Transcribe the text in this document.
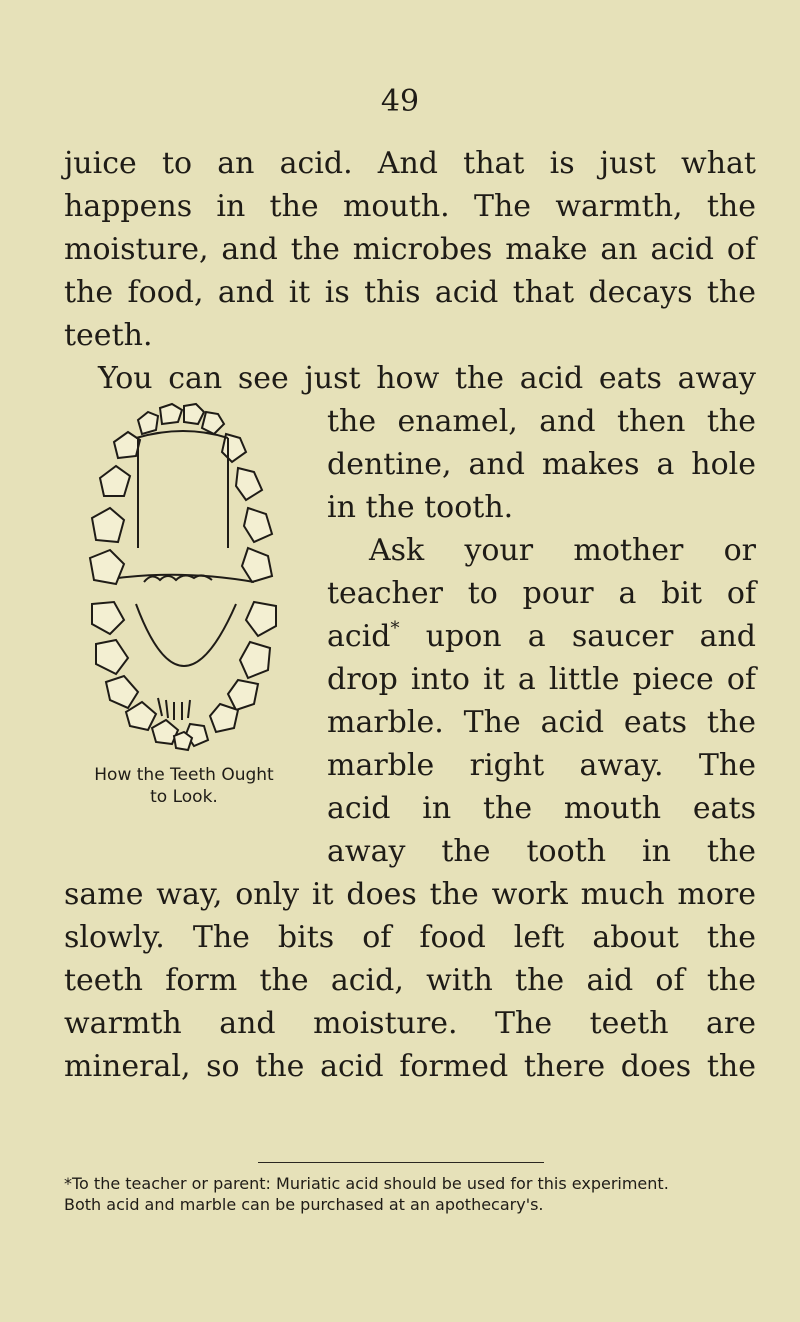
49
juice to an acid. And that is just what
happens in the mouth. The warmth, the
moisture, and the microbes make an acid of
the food, and it is this acid that decays the
teeth.
You can see just how the acid eats away
the enamel, and then the
dentine, and makes a hole
in the tooth.
Ask your mother or
teacher to pour a bit of
acid* upon a saucer and
drop into it a little piece of
marble. The acid eats the
marble right away. The
acid in the mouth eats
away the tooth in the
same way, only it does the work much more
slowly. The bits of food left about the
teeth form the acid, with the aid of the
warmth and moisture. The teeth are
mineral, so the acid formed there does the
How the Teeth Ought
to Look.
*To the teacher or parent: Muriatic acid should be used for this experiment.
Both acid and marble can be purchased at an apothecary's.
